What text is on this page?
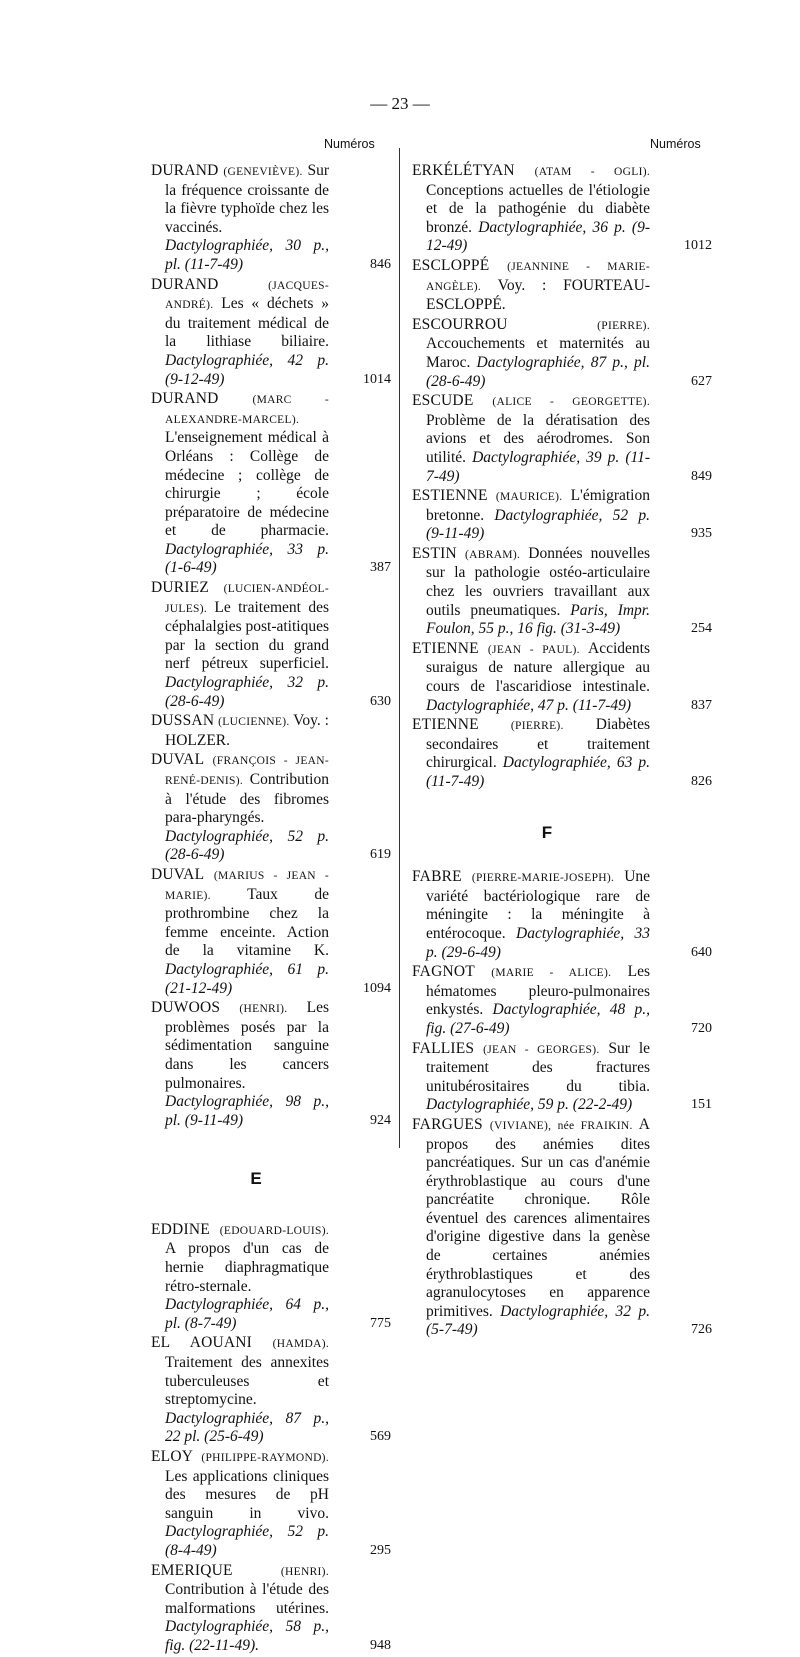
— 23 —
Numéros	Numéros
DURAND (GENEVIÈVE). Sur la fréquence croissante de la fièvre typhoïde chez les vaccinés. Dactylographiée, 30 p., pl. (11-7-49)	846
DURAND	(JACQUES-ANDRÉ). Les « déchets » du traitement médical de la lithiase biliaire. Dactylographiée, 42 p. (9-12-49)	1014
DURAND	(MARC - ALEXANDRE-MARCEL). L'enseignement médical à Orléans : Collège de médecine ; collège de chirurgie ; école préparatoire de médecine et de pharmacie. Dactylographiée, 33 p. (1-6-49)	387
DURIEZ (LUCIEN-ANDÉOL-JULES). Le traitement des céphalalgies post-atitiques par la section du grand nerf pétreux superficiel. Dactylographiée, 32 p. (28-6-49)	630
DUSSAN (LUCIENNE). Voy. : HOLZER.
DUVAL (FRANÇOIS - JEAN-RENÉ-DENIS). Contribution à l'étude des fibromes para-pharyngés. Dactylographiée, 52 p. (28-6-49)	619
DUVAL (MARIUS - JEAN - MARIE). Taux de prothrombine chez la femme enceinte. Action de la vitamine K. Dactylographiée, 61 p. (21-12-49)	1094
DUWOOS (HENRI). Les problèmes posés par la sédimentation sanguine dans les cancers pulmonaires. Dactylographiée, 98 p., pl. (9-11-49)	924
E
EDDINE (EDOUARD-LOUIS). A propos d'un cas de hernie diaphragmatique rétro-sternale. Dactylographiée, 64 p., pl. (8-7-49)	775
EL AOUANI (HAMDA). Traitement des annexites tuberculeuses et streptomycine. Dactylographiée, 87 p., 22 pl. (25-6-49)	569
ELOY (PHILIPPE-RAYMOND). Les applications cliniques des mesures de pH sanguin in vivo. Dactylographiée, 52 p. (8-4-49)	295
EMERIQUE	(HENRI). Contribution à l'étude des malformations utérines. Dactylographiée, 58 p., fig. (22-11-49).	948
ERKÉLÉTYAN (ATAM - OGLI). Conceptions actuelles de l'étiologie et de la pathogénie du diabète bronzé. Dactylographiée, 36 p. (9-12-49)	1012
ESCLOPPÉ (JEANNINE - MARIE-ANGÈLE). Voy. : FOURTEAU-ESCLOPPÉ.
ESCOURROU	(PIERRE). Accouchements et maternités au Maroc. Dactylographiée, 87 p., pl. (28-6-49)	627
ESCUDE (ALICE - GEORGETTE). Problème de la dératisation des avions et des aérodromes. Son utilité. Dactylographiée, 39 p. (11-7-49)	849
ESTIENNE (MAURICE). L'émigration bretonne. Dactylographiée, 52 p. (9-11-49)	935
ESTIN (ABRAM). Données nouvelles sur la pathologie ostéo-articulaire chez les ouvriers travaillant aux outils pneumatiques. Paris, Impr. Foulon, 55 p., 16 fig. (31-3-49)	254
ETIENNE (JEAN - PAUL). Accidents suraigus de nature allergique au cours de l'ascaridiose intestinale. Dactylographiée, 47 p. (11-7-49)	837
ETIENNE	(PIERRE). Diabètes secondaires et traitement chirurgical. Dactylographiée, 63 p. (11-7-49)	826
F
FABRE (PIERRE-MARIE-JOSEPH). Une variété bactériologique rare de méningite : la méningite à entérocoque. Dactylographiée, 33 p. (29-6-49)	640
FAGNOT (MARIE - ALICE). Les hématomes pleuro-pulmonaires enkystés. Dactylographiée, 48 p., fig. (27-6-49)	720
FALLIES (JEAN - GEORGES). Sur le traitement des fractures unitubérositaires du tibia. Dactylographiée, 59 p. (22-2-49)	151
FARGUES (VIVIANE), née FRAIKIN. A propos des anémies dites pancréatiques. Sur un cas d'anémie érythroblastique au cours d'une pancréatite chronique. Rôle éventuel des carences alimentaires d'origine digestive dans la genèse de certaines anémies érythroblastiques et des agranulocytoses en apparence primitives. Dactylographiée, 32 p. (5-7-49)	726
